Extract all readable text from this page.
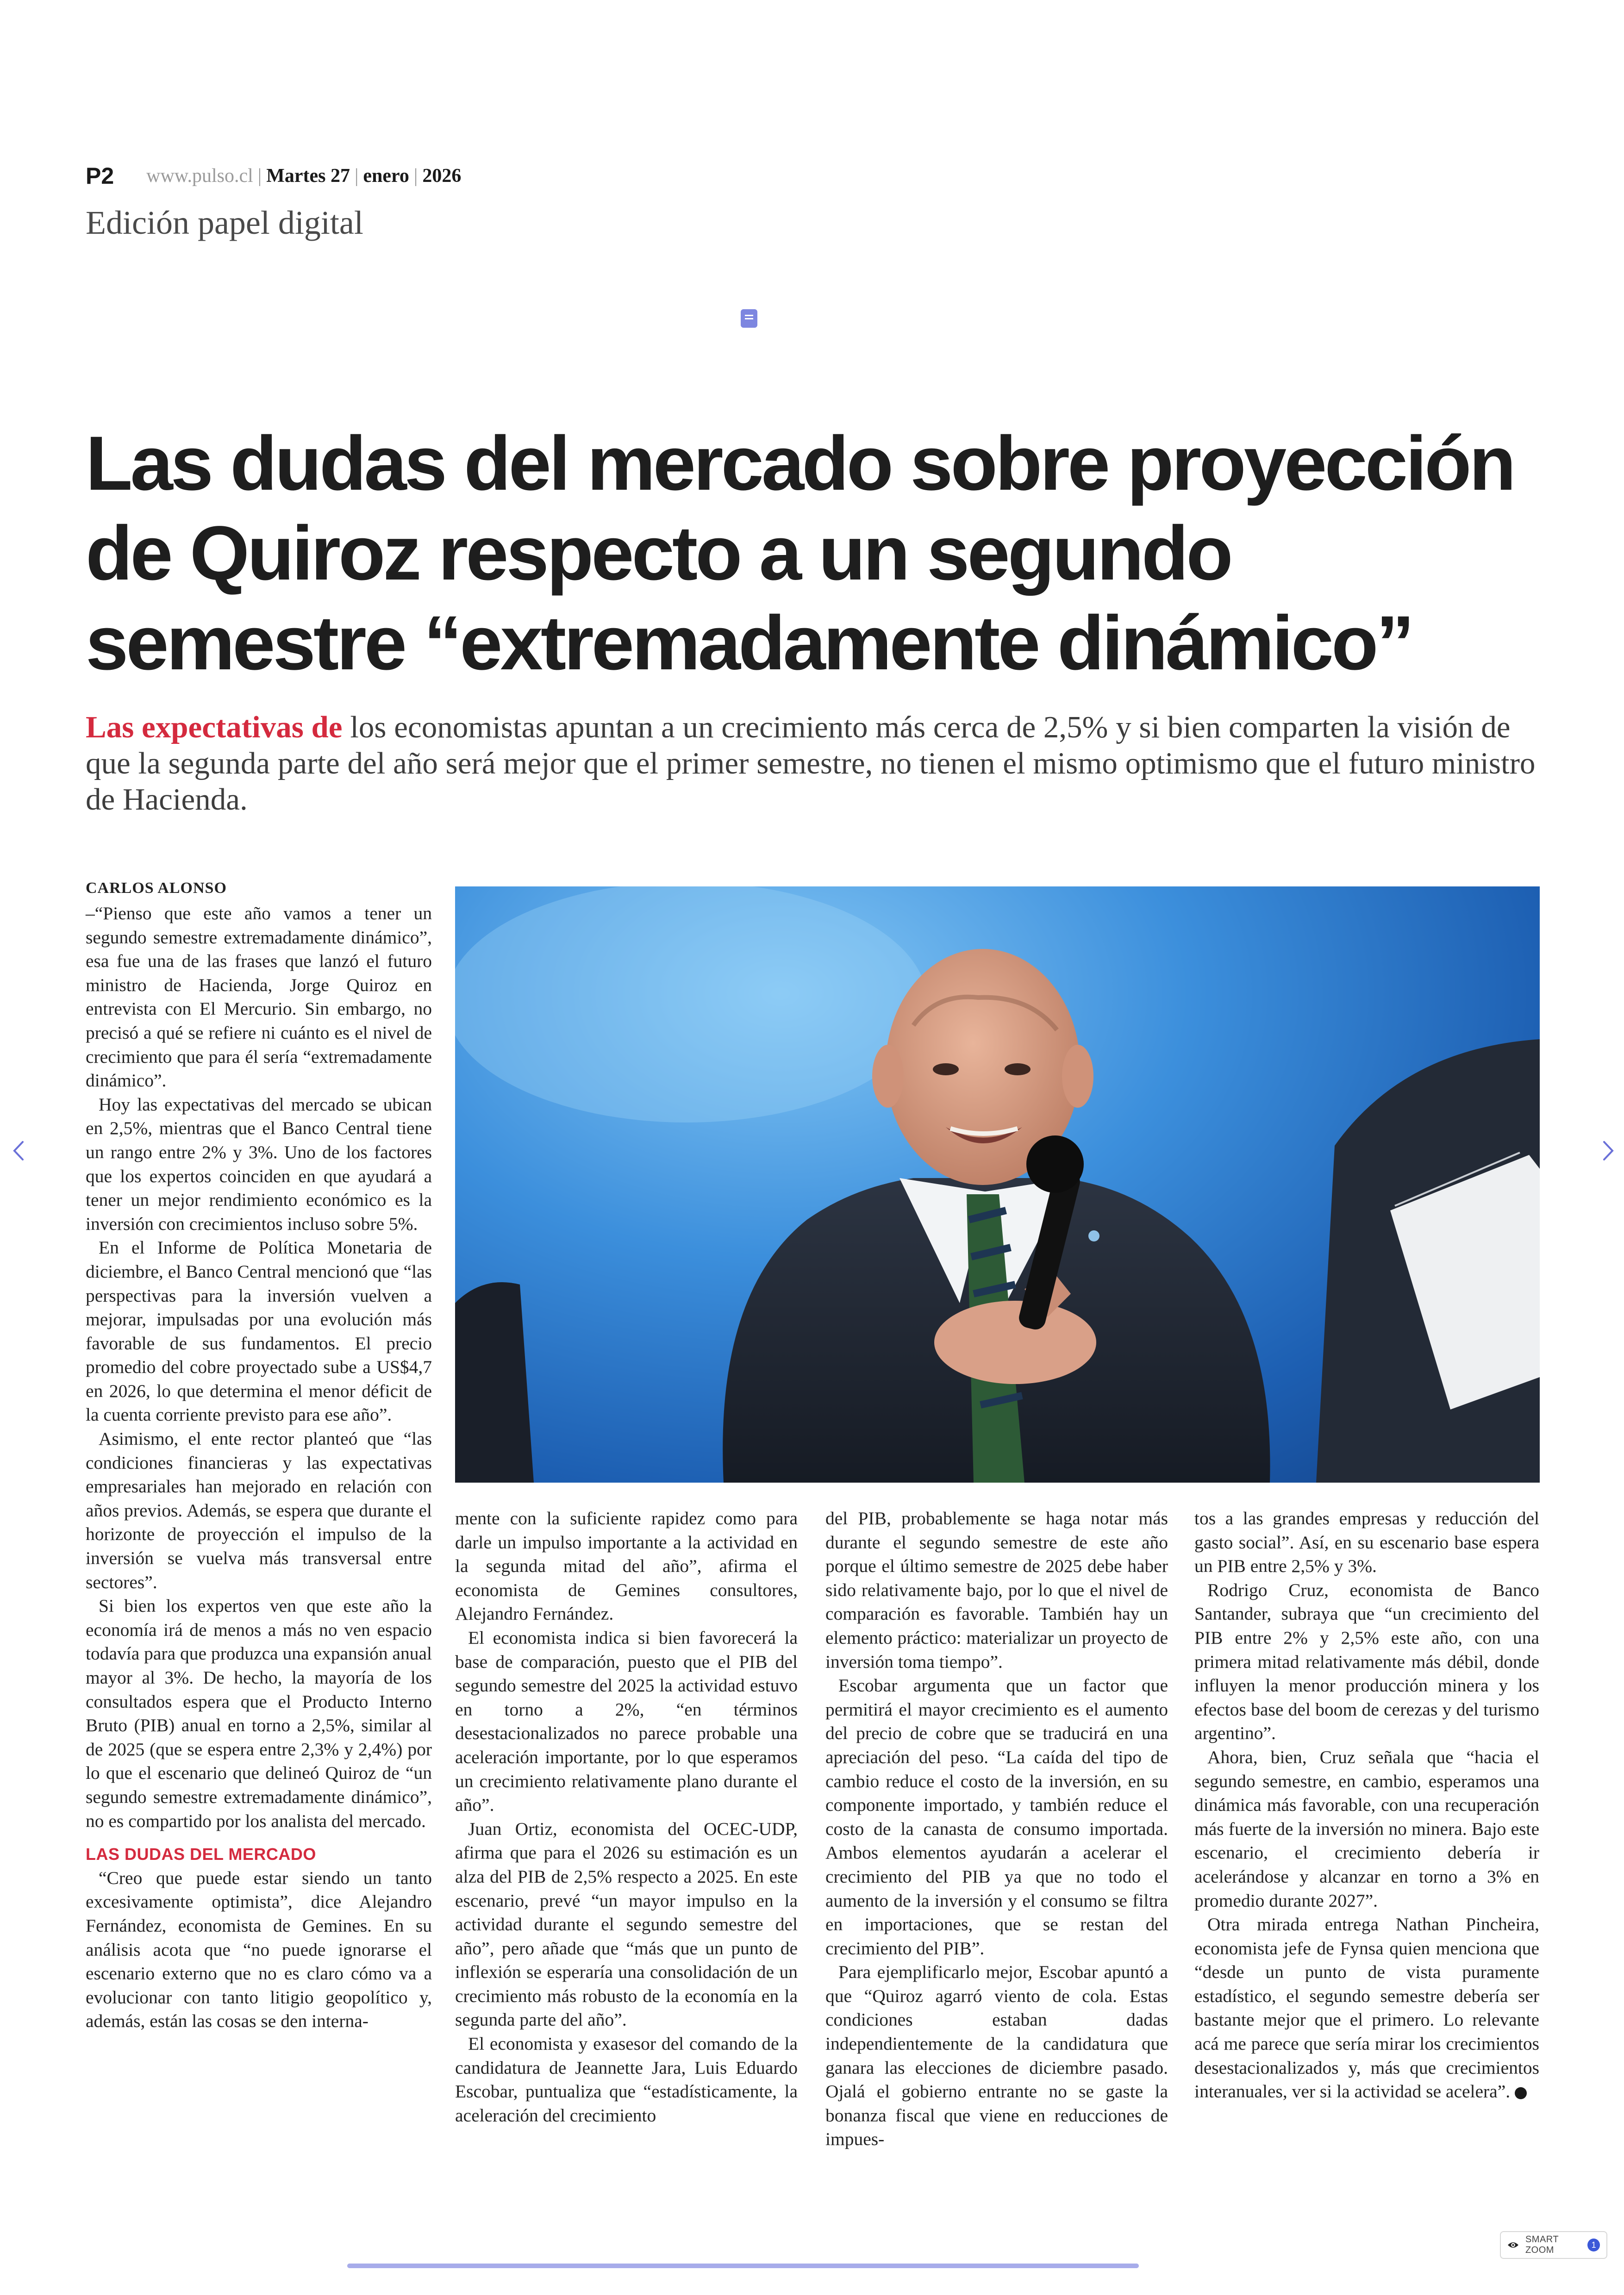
P2 www.pulso.cl | Martes 27 | enero | 2026
Edición papel digital
Las dudas del mercado sobre proyección de Quiroz respecto a un segundo semestre “extremadamente dinámico”

Las expectativas de los economistas apuntan a un crecimiento más cerca de 2,5% y si bien comparten la visión de que la segunda parte del año será mejor que el primer semestre, no tienen el mismo optimismo que el futuro ministro de Hacienda.

CARLOS ALONSO

–“Pienso que este año vamos a tener un segundo semestre extremadamente dinámico”, esa fue una de las frases que lanzó el futuro ministro de Hacienda, Jorge Quiroz en entrevista con El Mercurio. Sin embargo, no precisó a qué se refiere ni cuánto es el nivel de crecimiento que para él sería “extremadamente dinámico”.

Hoy las expectativas del mercado se ubican en 2,5%, mientras que el Banco Central tiene un rango entre 2% y 3%. Uno de los factores que los expertos coinciden en que ayudará a tener un mejor rendimiento económico es la inversión con crecimientos incluso sobre 5%.

En el Informe de Política Monetaria de diciembre, el Banco Central mencionó que “las perspectivas para la inversión vuelven a mejorar, impulsadas por una evolución más favorable de sus fundamentos. El precio promedio del cobre proyectado sube a US$4,7 en 2026, lo que determina el menor déficit de la cuenta corriente previsto para ese año”.

Asimismo, el ente rector planteó que “las condiciones financieras y las expectativas empresariales han mejorado en relación con años previos. Además, se espera que durante el horizonte de proyección el impulso de la inversión se vuelva más transversal entre sectores”.

Si bien los expertos ven que este año la economía irá de menos a más no ven espacio todavía para que produzca una expansión anual mayor al 3%. De hecho, la mayoría de los consultados espera que el Producto Interno Bruto (PIB) anual en torno a 2,5%, similar al de 2025 (que se espera entre 2,3% y 2,4%) por lo que el escenario que delineó Quiroz de “un segundo semestre extremadamente dinámico”, no es compartido por los analista del mercado.

LAS DUDAS DEL MERCADO

“Creo que puede estar siendo un tanto excesivamente optimista”, dice Alejandro Fernández, economista de Gemines. En su análisis acota que “no puede ignorarse el escenario externo que no es claro cómo va a evolucionar con tanto litigio geopolítico y, además, están las cosas se den interna-

mente con la suficiente rapidez como para darle un impulso importante a la actividad en la segunda mitad del año”, afirma el economista de Gemines consultores, Alejandro Fernández.

El economista indica si bien favorecerá la base de comparación, puesto que el PIB del segundo semestre del 2025 la actividad estuvo en torno a 2%, “en términos desestacionalizados no parece probable una aceleración importante, por lo que esperamos un crecimiento relativamente plano durante el año”.

Juan Ortiz, economista del OCEC-UDP, afirma que para el 2026 su estimación es un alza del PIB de 2,5% respecto a 2025. En este escenario, prevé “un mayor impulso en la actividad durante el segundo semestre del año”, pero añade que “más que un punto de inflexión se esperaría una consolidación de un crecimiento más robusto de la economía en la segunda parte del año”.

El economista y exasesor del comando de la candidatura de Jeannette Jara, Luis Eduardo Escobar, puntualiza que “estadísticamente, la aceleración del crecimiento

del PIB, probablemente se haga notar más durante el segundo semestre de este año porque el último semestre de 2025 debe haber sido relativamente bajo, por lo que el nivel de comparación es favorable. También hay un elemento práctico: materializar un proyecto de inversión toma tiempo”.

Escobar argumenta que un factor que permitirá el mayor crecimiento es el aumento del precio de cobre que se traducirá en una apreciación del peso. “La caída del tipo de cambio reduce el costo de la inversión, en su componente importado, y también reduce el costo de la canasta de consumo importada. Ambos elementos ayudarán a acelerar el crecimiento del PIB ya que no todo el aumento de la inversión y el consumo se filtra en importaciones, que se restan del crecimiento del PIB”.

Para ejemplificarlo mejor, Escobar apuntó a que “Quiroz agarró viento de cola. Estas condiciones estaban dadas independientemente de la candidatura que ganara las elecciones de diciembre pasado. Ojalá el gobierno entrante no se gaste la bonanza fiscal que viene en reducciones de impues-

tos a las grandes empresas y reducción del gasto social”. Así, en su escenario base espera un PIB entre 2,5% y 3%.

Rodrigo Cruz, economista de Banco Santander, subraya que “un crecimiento del PIB entre 2% y 2,5% este año, con una primera mitad relativamente más débil, donde influyen la menor producción minera y los efectos base del boom de cerezas y del turismo argentino”.

Ahora, bien, Cruz señala que “hacia el segundo semestre, en cambio, esperamos una dinámica más favorable, con una recuperación más fuerte de la inversión no minera. Bajo este escenario, el crecimiento debería ir acelerándose y alcanzar en torno a 3% en promedio durante 2027”.

Otra mirada entrega Nathan Pincheira, economista jefe de Fynsa quien menciona que “desde un punto de vista puramente estadístico, el segundo semestre debería ser bastante mejor que el primero. Lo relevante acá me parece que sería mirar los crecimientos desestacionalizados y, más que crecimientos interanuales, ver si la actividad se acelera”.

SMART ZOOM
1
